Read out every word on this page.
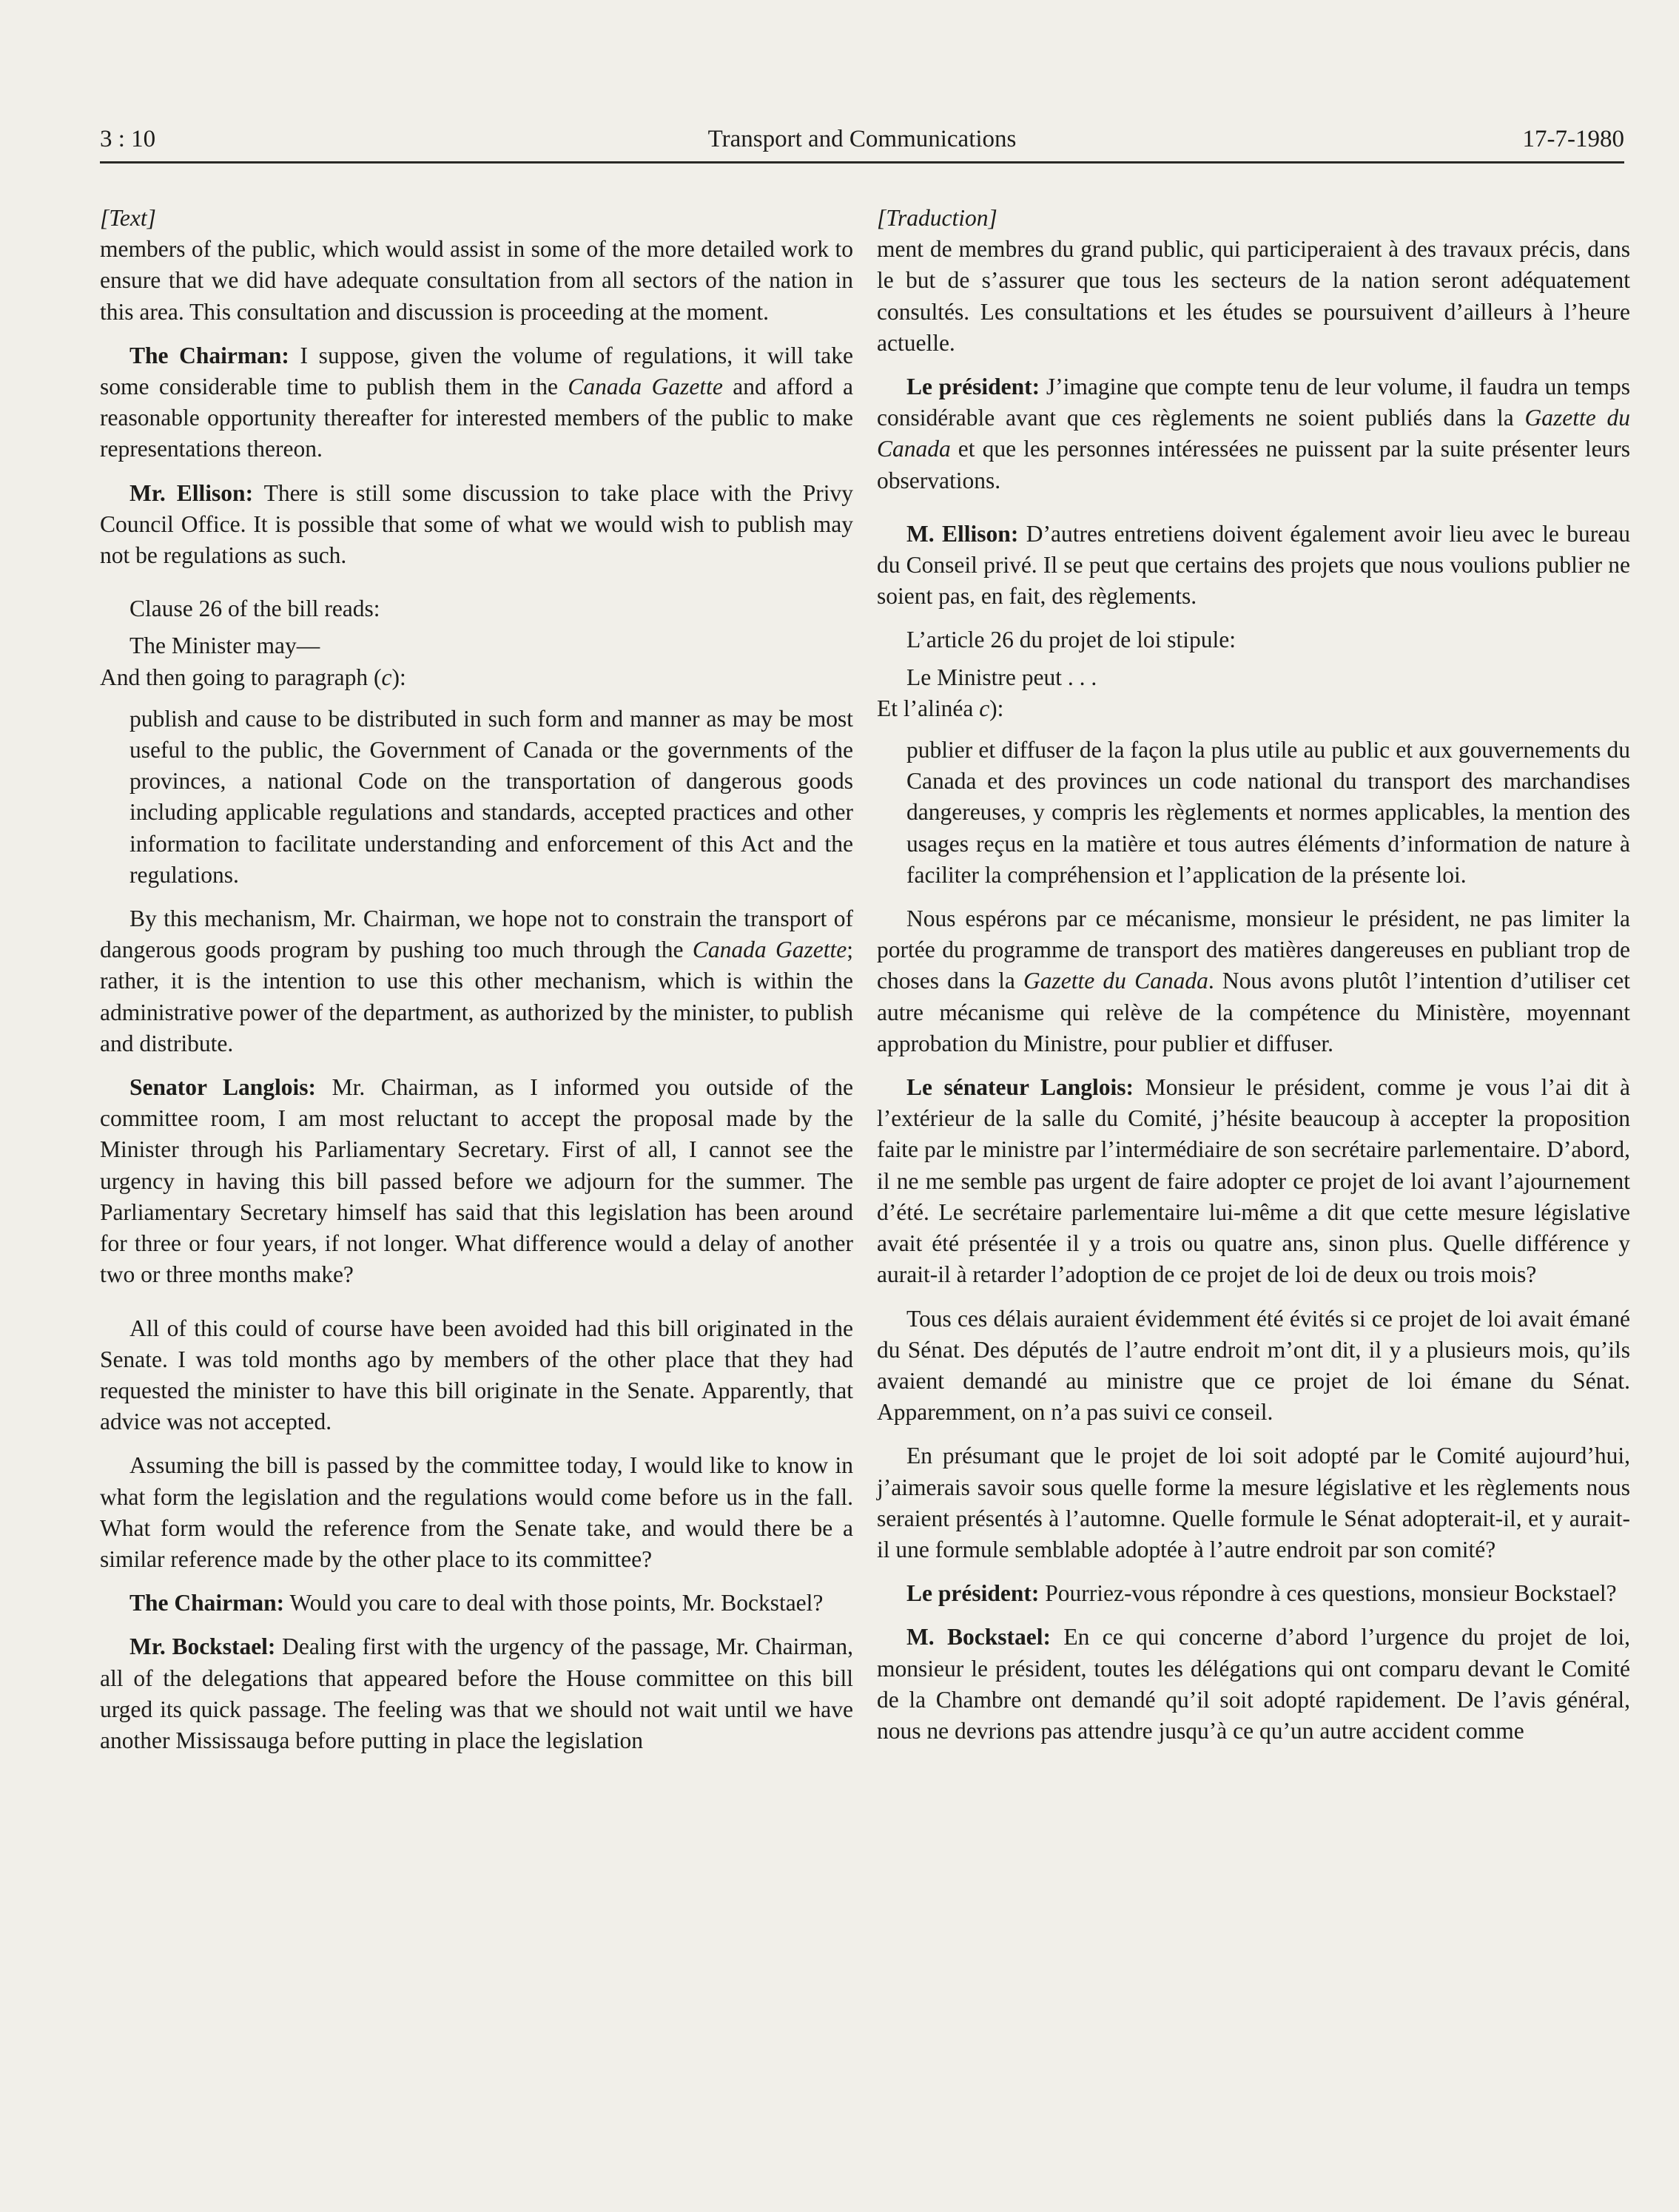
3 : 10	Transport and Communications	17-7-1980

[Text]

members of the public, which would assist in some of the more detailed work to ensure that we did have adequate consultation from all sectors of the nation in this area. This consultation and discussion is proceeding at the moment.

The Chairman: I suppose, given the volume of regulations, it will take some considerable time to publish them in the Canada Gazette and afford a reasonable opportunity thereafter for interested members of the public to make representations thereon.

Mr. Ellison: There is still some discussion to take place with the Privy Council Office. It is possible that some of what we would wish to publish may not be regulations as such.

Clause 26 of the bill reads:

The Minister may—

And then going to paragraph (c):

publish and cause to be distributed in such form and manner as may be most useful to the public, the Government of Canada or the governments of the provinces, a national Code on the transportation of dangerous goods including applicable regulations and standards, accepted practices and other information to facilitate understanding and enforcement of this Act and the regulations.

By this mechanism, Mr. Chairman, we hope not to constrain the transport of dangerous goods program by pushing too much through the Canada Gazette; rather, it is the intention to use this other mechanism, which is within the administrative power of the department, as authorized by the minister, to publish and distribute.

Senator Langlois: Mr. Chairman, as I informed you outside of the committee room, I am most reluctant to accept the proposal made by the Minister through his Parliamentary Secretary. First of all, I cannot see the urgency in having this bill passed before we adjourn for the summer. The Parliamentary Secretary himself has said that this legislation has been around for three or four years, if not longer. What difference would a delay of another two or three months make?

All of this could of course have been avoided had this bill originated in the Senate. I was told months ago by members of the other place that they had requested the minister to have this bill originate in the Senate. Apparently, that advice was not accepted.

Assuming the bill is passed by the committee today, I would like to know in what form the legislation and the regulations would come before us in the fall. What form would the reference from the Senate take, and would there be a similar reference made by the other place to its committee?

The Chairman: Would you care to deal with those points, Mr. Bockstael?

Mr. Bockstael: Dealing first with the urgency of the passage, Mr. Chairman, all of the delegations that appeared before the House committee on this bill urged its quick passage. The feeling was that we should not wait until we have another Mississauga before putting in place the legislation

[Traduction]

ment de membres du grand public, qui participeraient à des travaux précis, dans le but de s’assurer que tous les secteurs de la nation seront adéquatement consultés. Les consultations et les études se poursuivent d’ailleurs à l’heure actuelle.

Le président: J’imagine que compte tenu de leur volume, il faudra un temps considérable avant que ces règlements ne soient publiés dans la Gazette du Canada et que les personnes intéressées ne puissent par la suite présenter leurs observations.

M. Ellison: D’autres entretiens doivent également avoir lieu avec le bureau du Conseil privé. Il se peut que certains des projets que nous voulions publier ne soient pas, en fait, des règlements.

L’article 26 du projet de loi stipule:

Le Ministre peut . . .

Et l’alinéa c):

publier et diffuser de la façon la plus utile au public et aux gouvernements du Canada et des provinces un code national du transport des marchandises dangereuses, y compris les règlements et normes applicables, la mention des usages reçus en la matière et tous autres éléments d’information de nature à faciliter la compréhension et l’application de la présente loi.

Nous espérons par ce mécanisme, monsieur le président, ne pas limiter la portée du programme de transport des matières dangereuses en publiant trop de choses dans la Gazette du Canada. Nous avons plutôt l’intention d’utiliser cet autre mécanisme qui relève de la compétence du Ministère, moyennant approbation du Ministre, pour publier et diffuser.

Le sénateur Langlois: Monsieur le président, comme je vous l’ai dit à l’extérieur de la salle du Comité, j’hésite beaucoup à accepter la proposition faite par le ministre par l’intermédiaire de son secrétaire parlementaire. D’abord, il ne me semble pas urgent de faire adopter ce projet de loi avant l’ajournement d’été. Le secrétaire parlementaire lui-même a dit que cette mesure législative avait été présentée il y a trois ou quatre ans, sinon plus. Quelle différence y aurait-il à retarder l’adoption de ce projet de loi de deux ou trois mois?

Tous ces délais auraient évidemment été évités si ce projet de loi avait émané du Sénat. Des députés de l’autre endroit m’ont dit, il y a plusieurs mois, qu’ils avaient demandé au ministre que ce projet de loi émane du Sénat. Apparemment, on n’a pas suivi ce conseil.

En présumant que le projet de loi soit adopté par le Comité aujourd’hui, j’aimerais savoir sous quelle forme la mesure législative et les règlements nous seraient présentés à l’automne. Quelle formule le Sénat adopterait-il, et y aurait-il une formule semblable adoptée à l’autre endroit par son comité?

Le président: Pourriez-vous répondre à ces questions, monsieur Bockstael?

M. Bockstael: En ce qui concerne d’abord l’urgence du projet de loi, monsieur le président, toutes les délégations qui ont comparu devant le Comité de la Chambre ont demandé qu’il soit adopté rapidement. De l’avis général, nous ne devrions pas attendre jusqu’à ce qu’un autre accident comme
